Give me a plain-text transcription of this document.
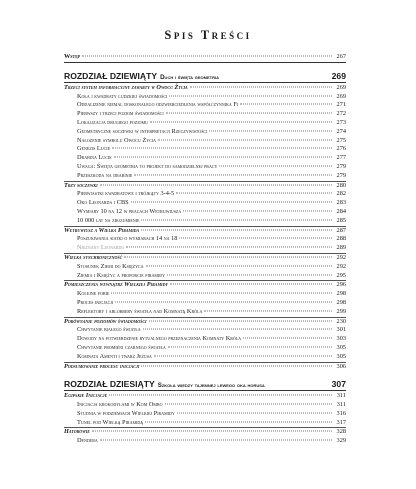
Spis Treści
Wstęp	267
ROZDZIAŁ DZIEWIĄTY Duch i święta geometria	269
Trzeci system informacyjny zawarty w Owocu Życia	269
Koła i kwadraty ludzkiej świadomości	269
Oddalizenie niemal doskonałego odzwierciedlenia współczynnika Fi	271
Pierwszy i trzeci poziom świadomości	272
Lokalizacja drugiego poziomu	273
Geometryczne soczewki w interpretacji Rzeczywistości	274
Nałożenie symbolu Owocu Życia	275
Genezis Lucie	276
Drabina Lucie	277
Uwaga: Święta geometria to projekt do samodzielnej pracy	279
Przeszkoda na drabinie	279
Trzy soczewki	280
Pierwiastki kwadratowe i trójkąty 3-4-5	282
Oko Leonarda i CBS	283
Wymiary 10 na 12 w pracach Wetruwiusza	284
10 000 lat na zrozumienie	285
Wetruwiusz a Wielka Piramida	287
Poszukiwania siatki o wymiarach 14 na 18	288
Nieznany Leonardo	289
Wielka synchroniczność	292
Stosunek Ziemi do Księżyca	292
Ziemia i Księżyc a proporcje piramidy	295
Pomieszczenia wewnątrz Wielkiej Piramidy	296
Kolejne fobie	298
Proces inicjacji	298
Reflektory i ablorbery światła nad Komnatą Króla	299
Porównanie poziomów świadomości	230
Chwytanie białego światła	301
Dowody na potwierdzenie rytualnego przeznaczenia Komnaty Króla	303
Chwytanie promieni czarnego światła	305
Komnata Amenti i twarz Jezusa	305
Podsumowanie procesu inicjacji	306
ROZDZIAŁ DZIESIĄTY Szkoła wiedzy tajemnej lewego oka horusa	307
Egipskie Inicjacje	311
Inicjacja krokodylami w Kom Ombo	311
Studnia w podziemiach Wielkiej Piramidy	316
Tunel pod Wielką Piramidą	317
Hatorowie	328
Dendera	329
